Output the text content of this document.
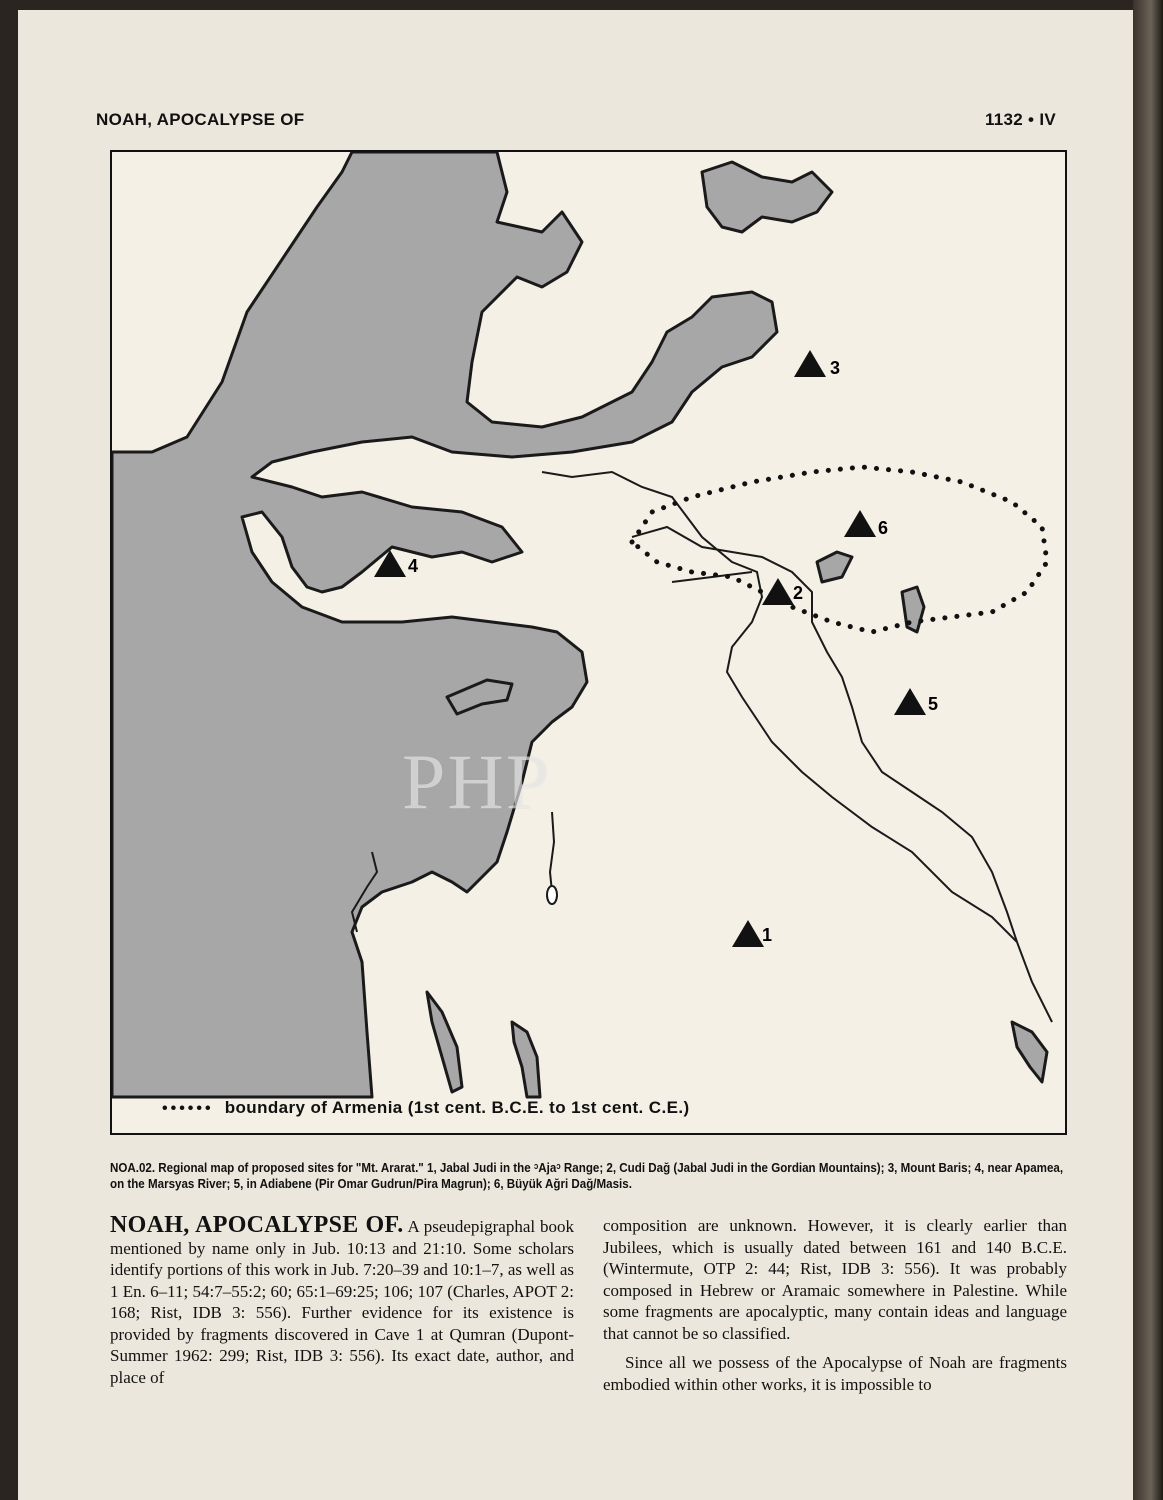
NOAH, APOCALYPSE OF	1132 • IV
3
6
2
4
5
1
PHP
•••••• boundary of Armenia (1st cent. B.C.E. to 1st cent. C.E.)
NOA.02. Regional map of proposed sites for "Mt. Ararat." 1, Jabal Judi in the ᵓAjaᵓ Range; 2, Cudi Dağ (Jabal Judi in the Gordian Mountains); 3, Mount Baris; 4, near Apamea, on the Marsyas River; 5, in Adiabene (Pir Omar Gudrun/Pira Magrun); 6, Büyük Ağri Dağ/Masis.

NOAH, APOCALYPSE OF. A pseudepigraphal book mentioned by name only in Jub. 10:13 and 21:10. Some scholars identify portions of this work in Jub. 7:20–39 and 10:1–7, as well as 1 En. 6–11; 54:7–55:2; 60; 65:1–69:25; 106; 107 (Charles, APOT 2: 168; Rist, IDB 3: 556). Further evidence for its existence is provided by fragments discovered in Cave 1 at Qumran (Dupont-Summer 1962: 299; Rist, IDB 3: 556). Its exact date, author, and place of

composition are unknown. However, it is clearly earlier than Jubilees, which is usually dated between 161 and 140 B.C.E. (Wintermute, OTP 2: 44; Rist, IDB 3: 556). It was probably composed in Hebrew or Aramaic somewhere in Palestine. While some fragments are apocalyptic, many contain ideas and language that cannot be so classified.

Since all we possess of the Apocalypse of Noah are fragments embodied within other works, it is impossible to
